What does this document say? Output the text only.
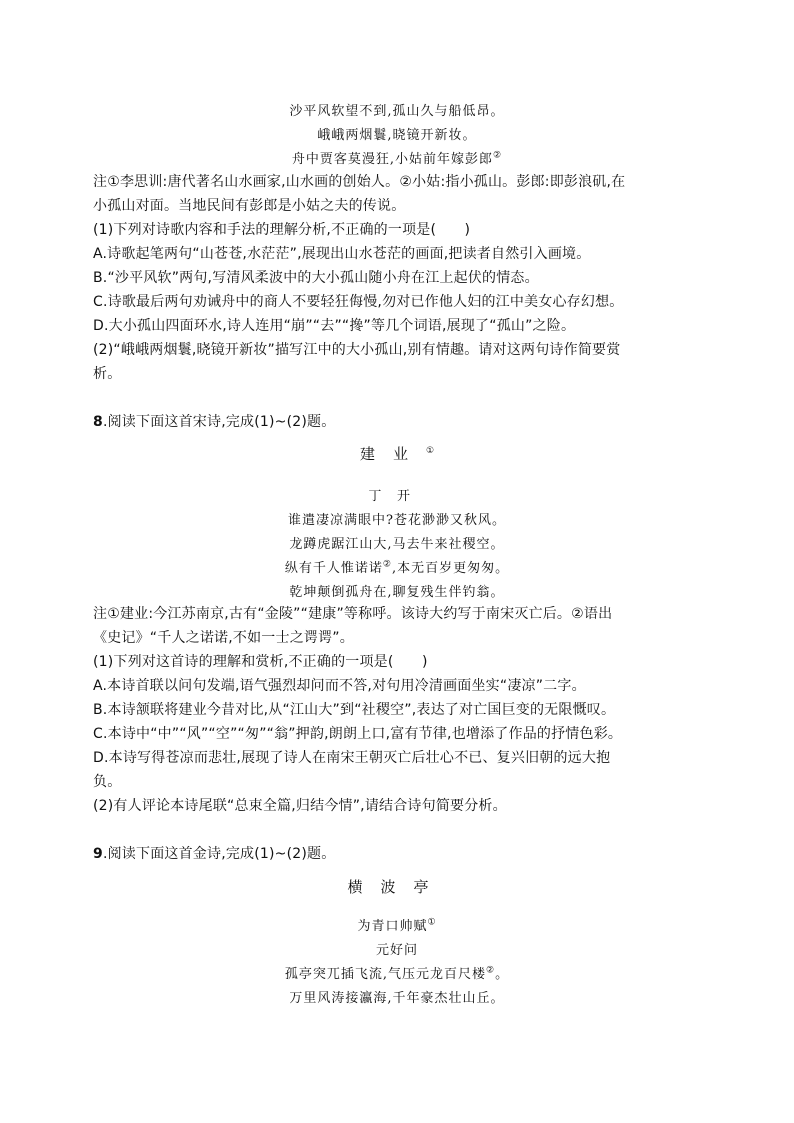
沙平风软望不到,孤山久与船低昂。
峨峨两烟鬟,晓镜开新妆。
舟中贾客莫漫狂,小姑前年嫁彭郎②
注①李思训:唐代著名山水画家,山水画的创始人。②小姑:指小孤山。彭郎:即彭浪矶,在
小孤山对面。当地民间有彭郎是小姑之夫的传说。
(1)下列对诗歌内容和手法的理解分析,不正确的一项是(　　)
A.诗歌起笔两句“山苍苍,水茫茫”,展现出山水苍茫的画面,把读者自然引入画境。
B.“沙平风软”两句,写清风柔波中的大小孤山随小舟在江上起伏的情态。
C.诗歌最后两句劝诫舟中的商人不要轻狂侮慢,勿对已作他人妇的江中美女心存幻想。
D.大小孤山四面环水,诗人连用“崩”“去”“搀”等几个词语,展现了“孤山”之险。
(2)“峨峨两烟鬟,晓镜开新妆”描写江中的大小孤山,别有情趣。请对这两句诗作简要赏
析。
8.阅读下面这首宋诗,完成(1)~(2)题。
建业①
丁开
谁遣凄凉满眼中?苍花渺渺又秋风。
龙蹲虎踞江山大,马去牛来社稷空。
纵有千人惟诺诺②,本无百岁更匆匆。
乾坤颠倒孤舟在,聊复残生伴钓翁。
注①建业:今江苏南京,古有“金陵”“建康”等称呼。该诗大约写于南宋灭亡后。②语出
《史记》“千人之诺诺,不如一士之谔谔”。
(1)下列对这首诗的理解和赏析,不正确的一项是(　　)
A.本诗首联以问句发端,语气强烈却问而不答,对句用冷清画面坐实“凄凉”二字。
B.本诗颔联将建业今昔对比,从“江山大”到“社稷空”,表达了对亡国巨变的无限慨叹。
C.本诗中“中”“风”“空”“匆”“翁”押韵,朗朗上口,富有节律,也增添了作品的抒情色彩。
D.本诗写得苍凉而悲壮,展现了诗人在南宋王朝灭亡后壮心不已、复兴旧朝的远大抱
负。
(2)有人评论本诗尾联“总束全篇,归结今情”,请结合诗句简要分析。
9.阅读下面这首金诗,完成(1)~(2)题。
横波亭
为青口帅赋①
元好问
孤亭突兀插飞流,气压元龙百尺楼②。
万里风涛接瀛海,千年豪杰壮山丘。
